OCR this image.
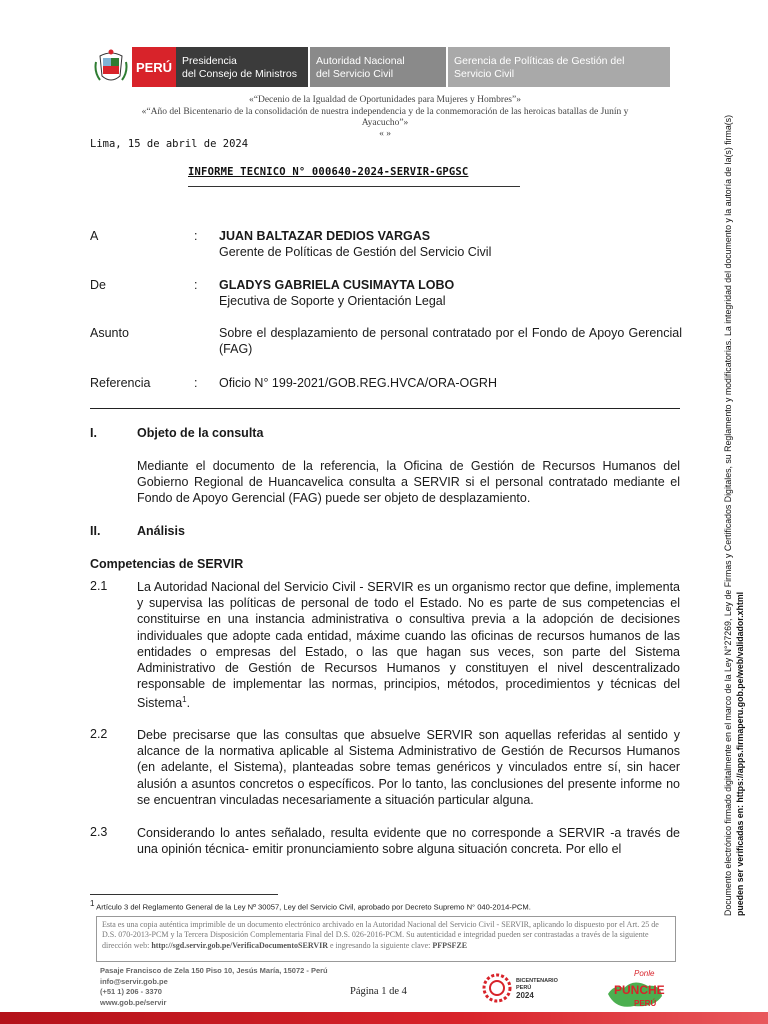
PERÚ Presidencia
del Consejo de Ministros
Autoridad Nacional
del Servicio Civil
Gerencia de Políticas de Gestión del
Servicio Civil
«“Decenio de la Igualdad de Oportunidades para Mujeres y Hombres”»
«“Año del Bicentenario de la consolidación de nuestra independencia y de la conmemoración de las heroicas batallas de Junín y
Ayacucho”»
« »
Lima, 15 de abril de 2024
INFORME TECNICO N° 000640-2024-SERVIR-GPGSC
A	: JUAN BALTAZAR DEDIOS VARGAS
Gerente de Políticas de Gestión del Servicio Civil
De	: GLADYS GABRIELA CUSIMAYTA LOBO
Ejecutiva de Soporte y Orientación Legal
Asunto	Sobre el desplazamiento de personal contratado por el Fondo de Apoyo Gerencial (FAG)
Referencia	: Oficio N° 199-2021/GOB.REG.HVCA/ORA-OGRH
I.	Objeto de la consulta
Mediante el documento de la referencia, la Oficina de Gestión de Recursos Humanos del Gobierno Regional de Huancavelica consulta a SERVIR si el personal contratado mediante el Fondo de Apoyo Gerencial (FAG) puede ser objeto de desplazamiento.
II.	Análisis
Competencias de SERVIR
2.1 La Autoridad Nacional del Servicio Civil - SERVIR es un organismo rector que define, implementa y supervisa las políticas de personal de todo el Estado. No es parte de sus competencias el constituirse en una instancia administrativa o consultiva previa a la adopción de decisiones individuales que adopte cada entidad, máxime cuando las oficinas de recursos humanos de las entidades o empresas del Estado, o las que hagan sus veces, son parte del Sistema Administrativo de Gestión de Recursos Humanos y constituyen el nivel descentralizado responsable de implementar las normas, principios, métodos, procedimientos y técnicas del Sistema$^1$.
2.2 Debe precisarse que las consultas que absuelve SERVIR son aquellas referidas al sentido y alcance de la normativa aplicable al Sistema Administrativo de Gestión de Recursos Humanos (en adelante, el Sistema), planteadas sobre temas genéricos y vinculados entre sí, sin hacer alusión a asuntos concretos o específicos. Por lo tanto, las conclusiones del presente informe no se encuentran vinculadas necesariamente a situación particular alguna.
2.3 Considerando lo antes señalado, resulta evidente que no corresponde a SERVIR -a través de una opinión técnica- emitir pronunciamiento sobre alguna situación concreta. Por ello el
$^1$ Artículo 3 del Reglamento General de la Ley Nº 30057, Ley del Servicio Civil, aprobado por Decreto Supremo N° 040-2014-PCM.
Esta es una copia auténtica imprimible de un documento electrónico archivado en la Autoridad Nacional del Servicio Civil - SERVIR, aplicando lo dispuesto por el Art. 25 de D.S. 070-2013-PCM y la Tercera Disposición Complementaria Final del D.S. 026-2016-PCM. Su autenticidad e integridad pueden ser contrastadas a través de la siguiente dirección web: http://sgd.servir.gob.pe/VerificaDocumentoSERVIR e ingresando la siguiente clave: PFPSFZE
Pasaje Francisco de Zela 150 Piso 10, Jesús María, 15072 - Perú
info@servir.gob.pe
(+51 1) 206 - 3370
www.gob.pe/servir
Página 1 de 4
BICENTENARIO
PERÚ
2024
Ponle
PUNCHE
PERÚ
Documento electrónico firmado digitalmente en el marco de la Ley N°27269, Ley de Firmas y Certificados Digitales, su Reglamento y modificatorias. La integridad del documento y la autoría de la(s) firma(s) pueden ser verificadas en: https://apps.firmaperu.gob.pe/web/validador.xhtml
